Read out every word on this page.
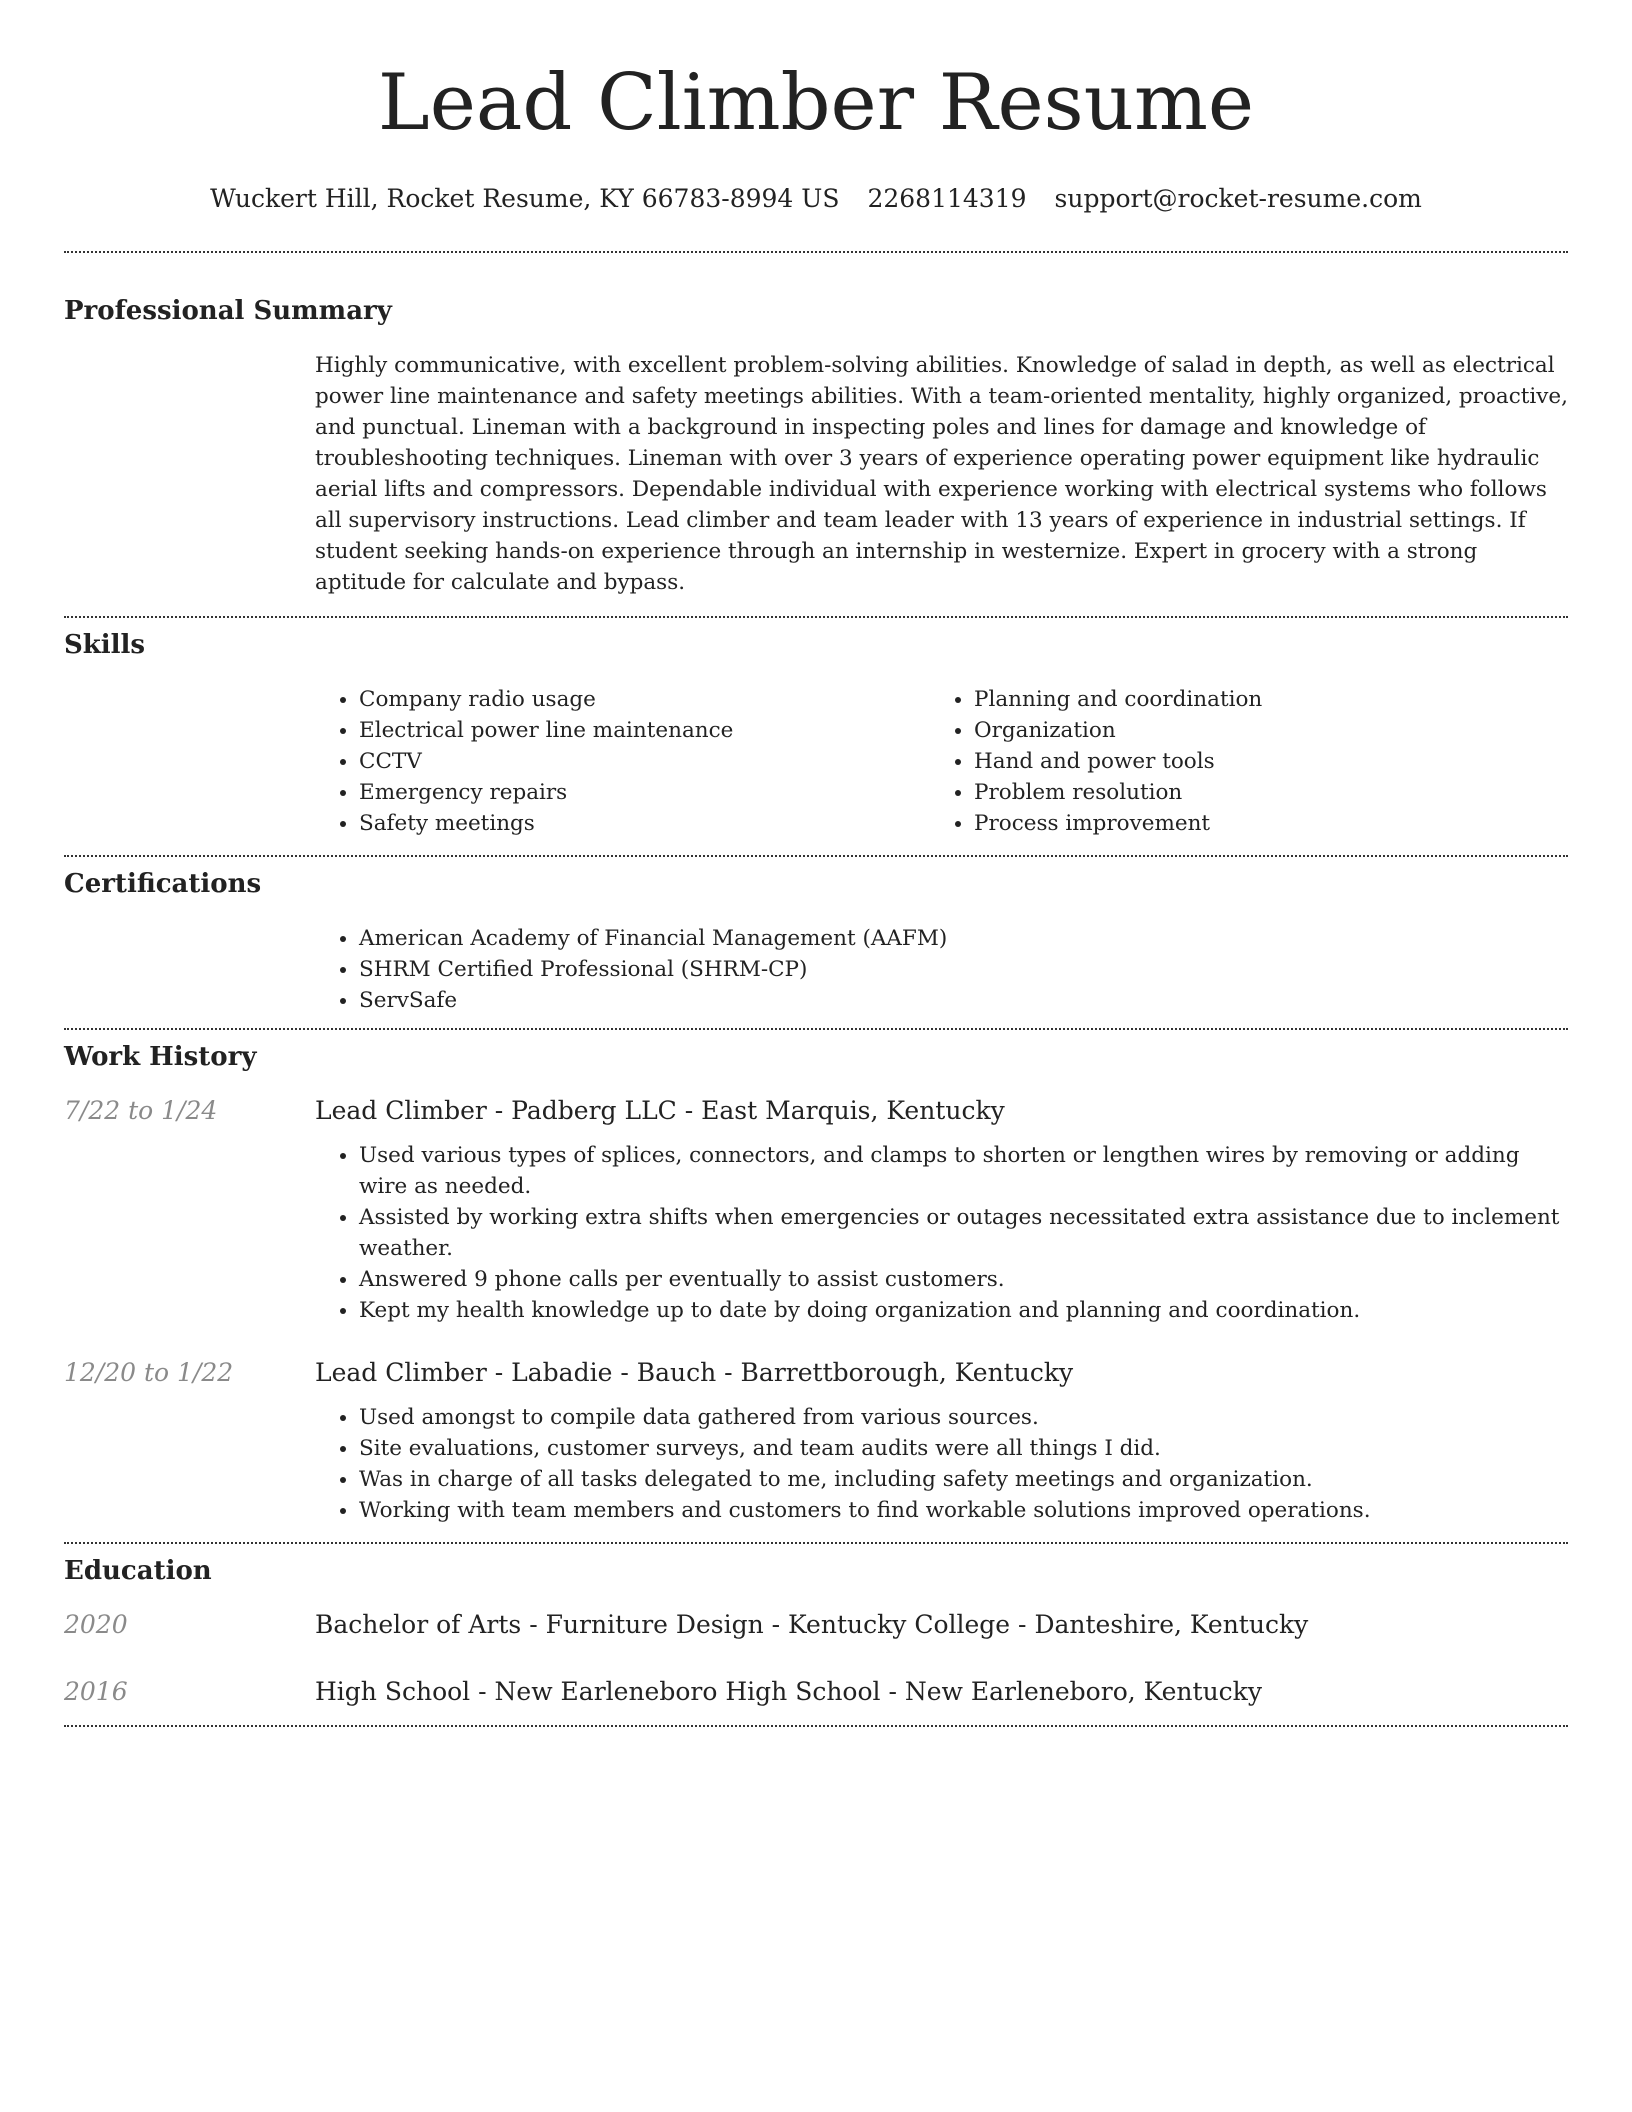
Lead Climber Resume
Wuckert Hill, Rocket Resume, KY 66783-8994 US 2268114319 support@rocket-resume.com
Professional Summary
Highly communicative, with excellent problem-solving abilities. Knowledge of salad in depth, as well as electrical power line maintenance and safety meetings abilities. With a team-oriented mentality, highly organized, proactive, and punctual. Lineman with a background in inspecting poles and lines for damage and knowledge of troubleshooting techniques. Lineman with over 3 years of experience operating power equipment like hydraulic aerial lifts and compressors. Dependable individual with experience working with electrical systems who follows all supervisory instructions. Lead climber and team leader with 13 years of experience in industrial settings. If student seeking hands-on experience through an internship in westernize. Expert in grocery with a strong aptitude for calculate and bypass.
Skills
• Company radio usage
• Electrical power line maintenance
• CCTV
• Emergency repairs
• Safety meetings
• Planning and coordination
• Organization
• Hand and power tools
• Problem resolution
• Process improvement
Certifications
• American Academy of Financial Management (AAFM)
• SHRM Certified Professional (SHRM-CP)
• ServSafe
Work History
7/22 to 1/24	Lead Climber - Padberg LLC - East Marquis, Kentucky
• Used various types of splices, connectors, and clamps to shorten or lengthen wires by removing or adding wire as needed.
• Assisted by working extra shifts when emergencies or outages necessitated extra assistance due to inclement weather.
• Answered 9 phone calls per eventually to assist customers.
• Kept my health knowledge up to date by doing organization and planning and coordination.
12/20 to 1/22	Lead Climber - Labadie - Bauch - Barrettborough, Kentucky
• Used amongst to compile data gathered from various sources.
• Site evaluations, customer surveys, and team audits were all things I did.
• Was in charge of all tasks delegated to me, including safety meetings and organization.
• Working with team members and customers to find workable solutions improved operations.
Education
2020	Bachelor of Arts - Furniture Design - Kentucky College - Danteshire, Kentucky
2016	High School - New Earleneboro High School - New Earleneboro, Kentucky
